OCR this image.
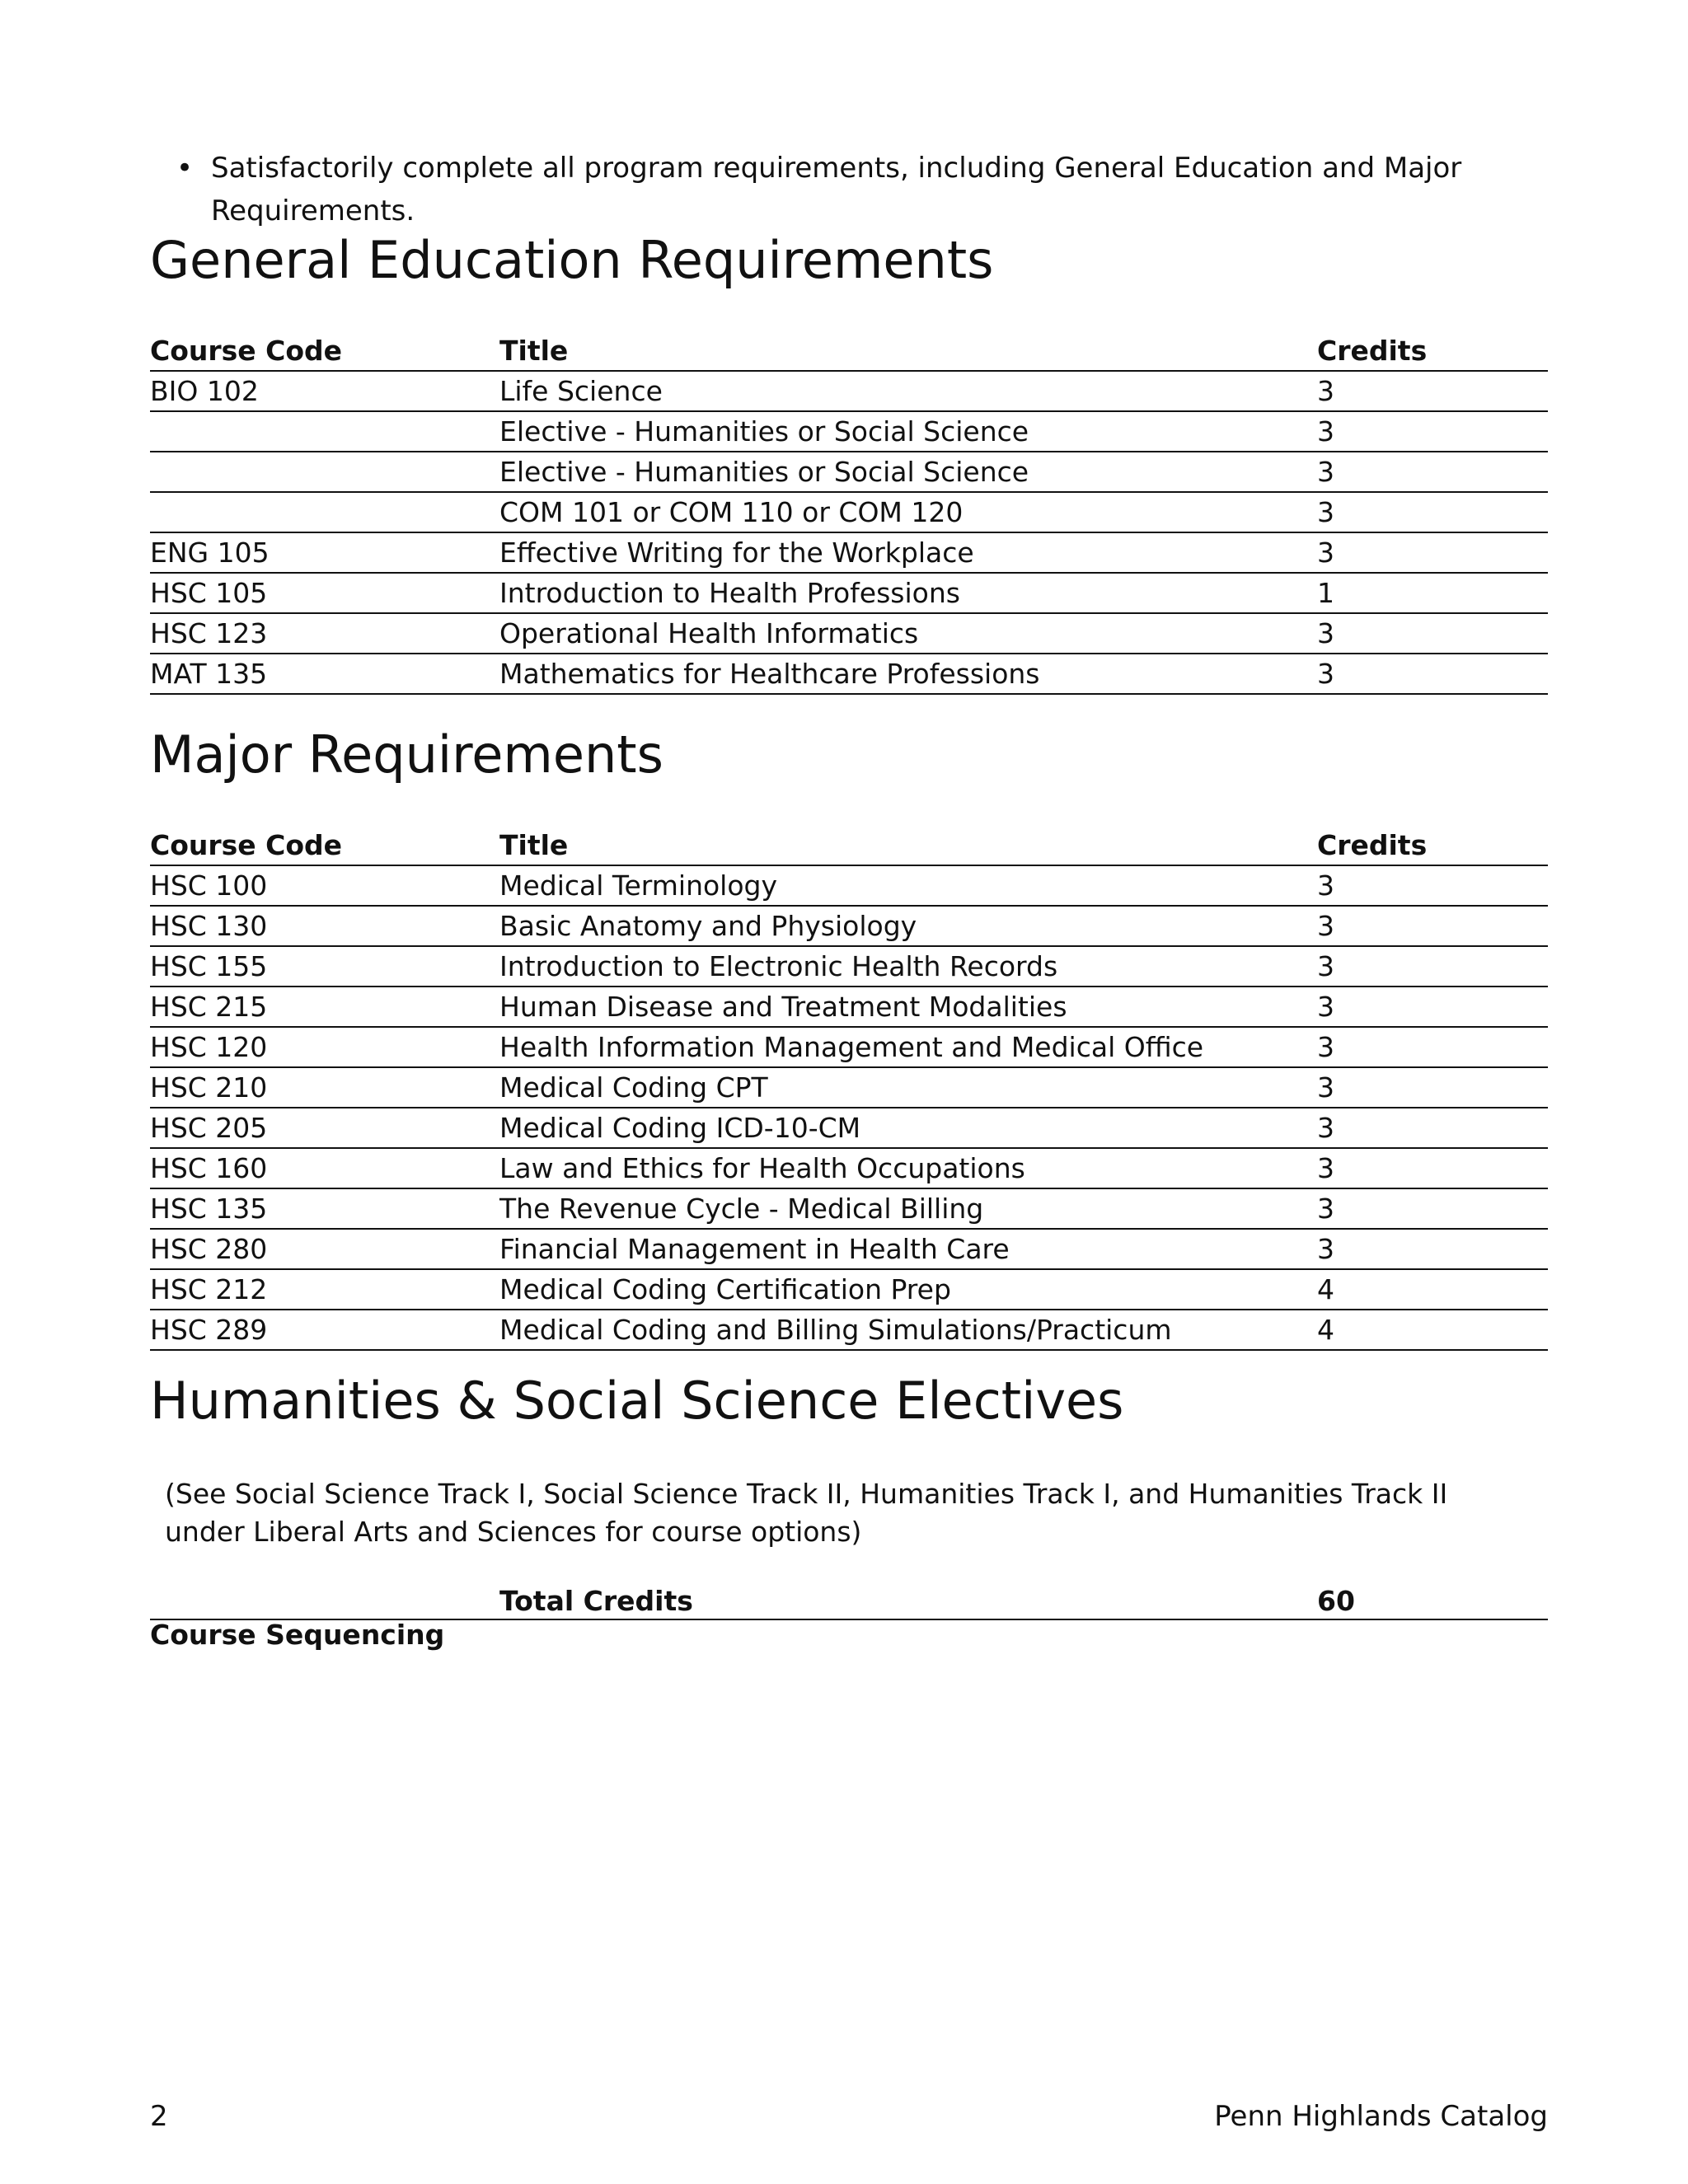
• Satisfactorily complete all program requirements, including General Education and Major Requirements.
General Education Requirements
Course Code	Title	Credits
BIO 102	Life Science	3
	Elective - Humanities or Social Science	3
	Elective - Humanities or Social Science	3
	COM 101 or COM 110 or COM 120	3
ENG 105	Effective Writing for the Workplace	3
HSC 105	Introduction to Health Professions	1
HSC 123	Operational Health Informatics	3
MAT 135	Mathematics for Healthcare Professions	3
Major Requirements
Course Code	Title	Credits
HSC 100	Medical Terminology	3
HSC 130	Basic Anatomy and Physiology	3
HSC 155	Introduction to Electronic Health Records	3
HSC 215	Human Disease and Treatment Modalities	3
HSC 120	Health Information Management and Medical Office	3
HSC 210	Medical Coding CPT	3
HSC 205	Medical Coding ICD-10-CM	3
HSC 160	Law and Ethics for Health Occupations	3
HSC 135	The Revenue Cycle - Medical Billing	3
HSC 280	Financial Management in Health Care	3
HSC 212	Medical Coding Certification Prep	4
HSC 289	Medical Coding and Billing Simulations/Practicum	4
Humanities & Social Science Electives

(See Social Science Track I, Social Science Track II, Humanities Track I, and Humanities Track II under Liberal Arts and Sciences for course options)

Total Credits	60
Course Sequencing
2	Penn Highlands Catalog
